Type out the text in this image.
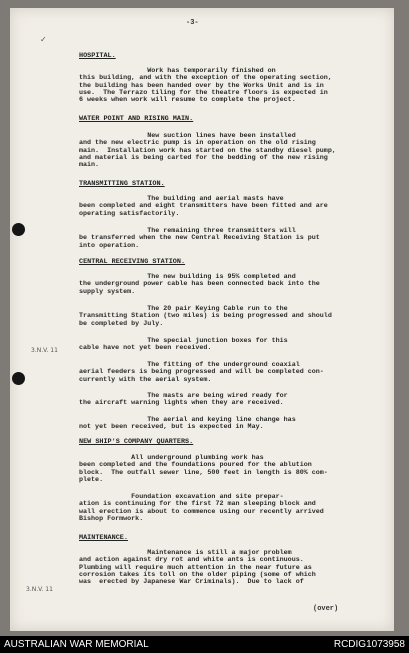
-3-
✓
3.N.V. 11
3.N.V. 11
HOSPITAL.
Work has temporarily finished on
this building, and with the exception of the operating section,
the building has been handed over by the Works Unit and is in
use.  The Terrazo tiling for the theatre floors is expected in
6 weeks when work will resume to complete the project.
WATER POINT AND RISING MAIN.
New suction lines have been installed
and the new electric pump is in operation on the old rising
main.  Installation work has started on the standby diesel pump,
and material is being carted for the bedding of the new rising
main.
TRANSMITTING STATION.
The building and aerial masts have
been completed and eight transmitters have been fitted and are
operating satisfactorily.
The remaining three transmitters will
be transferred when the new Central Receiving Station is put
into operation.
CENTRAL RECEIVING STATION.
The new building is 95% completed and
the underground power cable has been connected back into the
supply system.
The 20 pair Keying Cable run to the
Transmitting Station (two miles) is being progressed and should
be completed by July.
The special junction boxes for this
cable have not yet been received.
The fitting of the underground coaxial
aerial feeders is being progressed and will be completed con-
currently with the aerial system.
The masts are being wired ready for
the aircraft warning lights when they are received.
The aerial and keying line change has
not yet been received, but is expected in May.
NEW SHIP'S COMPANY QUARTERS.
All underground plumbing work has
been completed and the foundations poured for the ablution
block.  The outfall sewer line, 500 feet in length is 80% com-
plete.
Foundation excavation and site prepar-
ation is continuing for the first 72 man sleeping block and
wall erection is about to commence using our recently arrived
Bishop Formwork.
MAINTENANCE.
Maintenance is still a major problem
and action against dry rot and white ants is continuous.
Plumbing will require much attention in the near future as
corrosion takes its toll on the older piping (some of which
was  erected by Japanese War Criminals).  Due to lack of
(over)
AUSTRALIAN WAR MEMORIAL	RCDIG1073958
